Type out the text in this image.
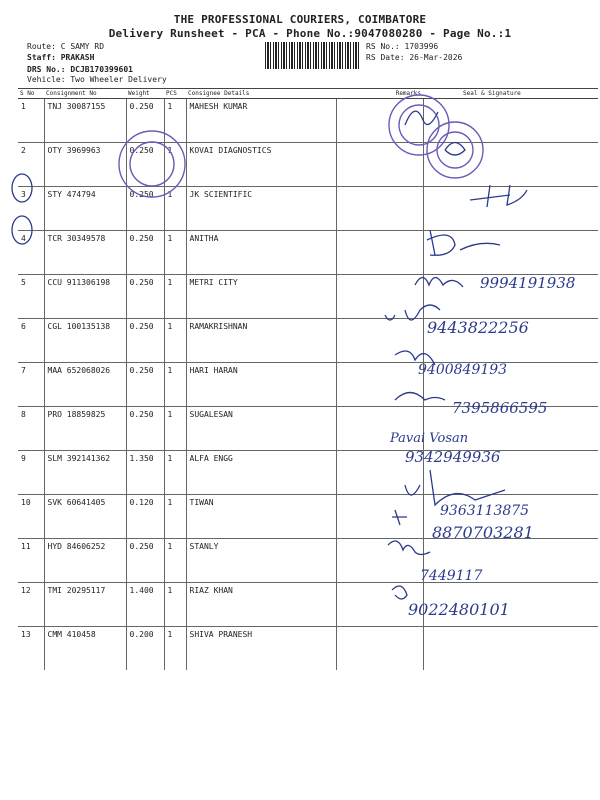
THE PROFESSIONAL COURIERS, COIMBATORE
Delivery Runsheet - PCA - Phone No.:9047080280 - Page No.:1
Route: C SAMY RD
Staff: PRAKASH
DRS No.: DCJB170399601
Vehicle: Two Wheeler Delivery
RS No.: 1703996
RS Date: 26-Mar-2026
S No	Consignment No	Weight	PCS	Consignee Details	Remarks	Seal & Signature
1	TNJ 30087155	0.250	1	MAHESH KUMAR		
2	OTY 3969963	0.250	1	KOVAI DIAGNOSTICS		
3	STY 474794	0.250	1	JK SCIENTIFIC		
4	TCR 30349578	0.250	1	ANITHA		
5	CCU 911306198	0.250	1	METRI CITY		
6	CGL 100135138	0.250	1	RAMAKRISHNAN		
7	MAA 652068026	0.250	1	HARI HARAN		
8	PRO 18859825	0.250	1	SUGALESAN		
9	SLM 392141362	1.350	1	ALFA ENGG		
10	SVK 60641405	0.120	1	TIWAN		
11	HYD 84606252	0.250	1	STANLY		
12	TMI 20295117	1.400	1	RIAZ KHAN		
13	CMM 410458	0.200	1	SHIVA PRANESH		
9994191938
9443822256
9400849193
7395866595
Pavai Vosan
9342949936
9363113875
8870703281
7449117
9022480101
